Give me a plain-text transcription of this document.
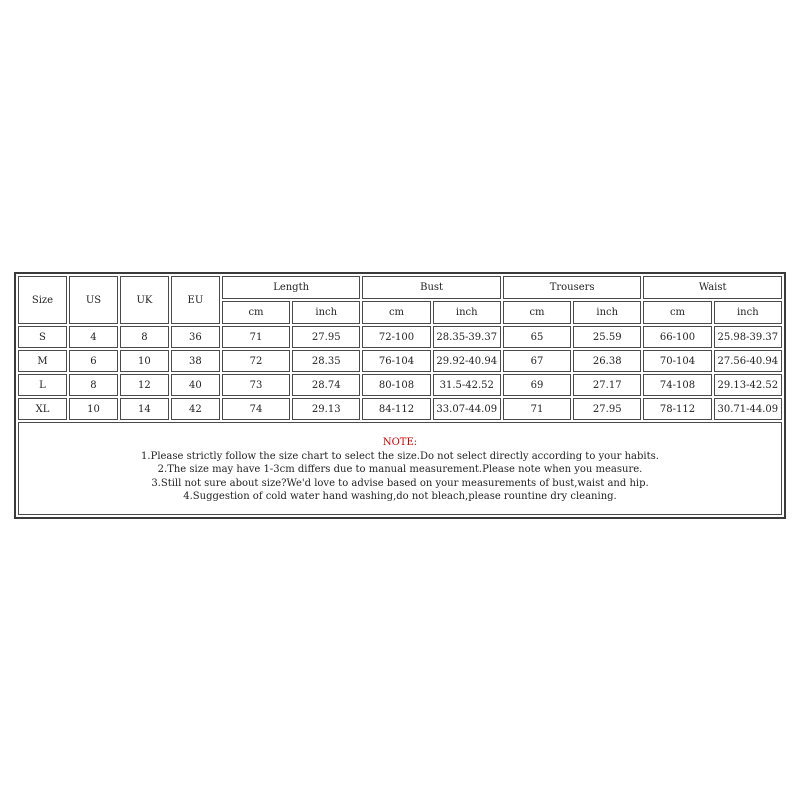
Size	US	UK	EU	Length		Bust		Trousers		Waist	
				cm	inch	cm	inch	cm	inch	cm	inch
S	4	8	36	71	27.95	72-100	28.35-39.37	65	25.59	66-100	25.98-39.37
M	6	10	38	72	28.35	76-104	29.92-40.94	67	26.38	70-104	27.56-40.94
L	8	12	40	73	28.74	80-108	31.5-42.52	69	27.17	74-108	29.13-42.52
XL	10	14	42	74	29.13	84-112	33.07-44.09	71	27.95	78-112	30.71-44.09
NOTE:
1.Please strictly follow the size chart to select the size.Do not select directly according to your habits.
2.The size may have 1-3cm differs due to manual measurement.Please note when you measure.
3.Still not sure about size?We'd love to advise based on your measurements of bust,waist and hip.
4.Suggestion of cold water hand washing,do not bleach,please rountine dry cleaning.
